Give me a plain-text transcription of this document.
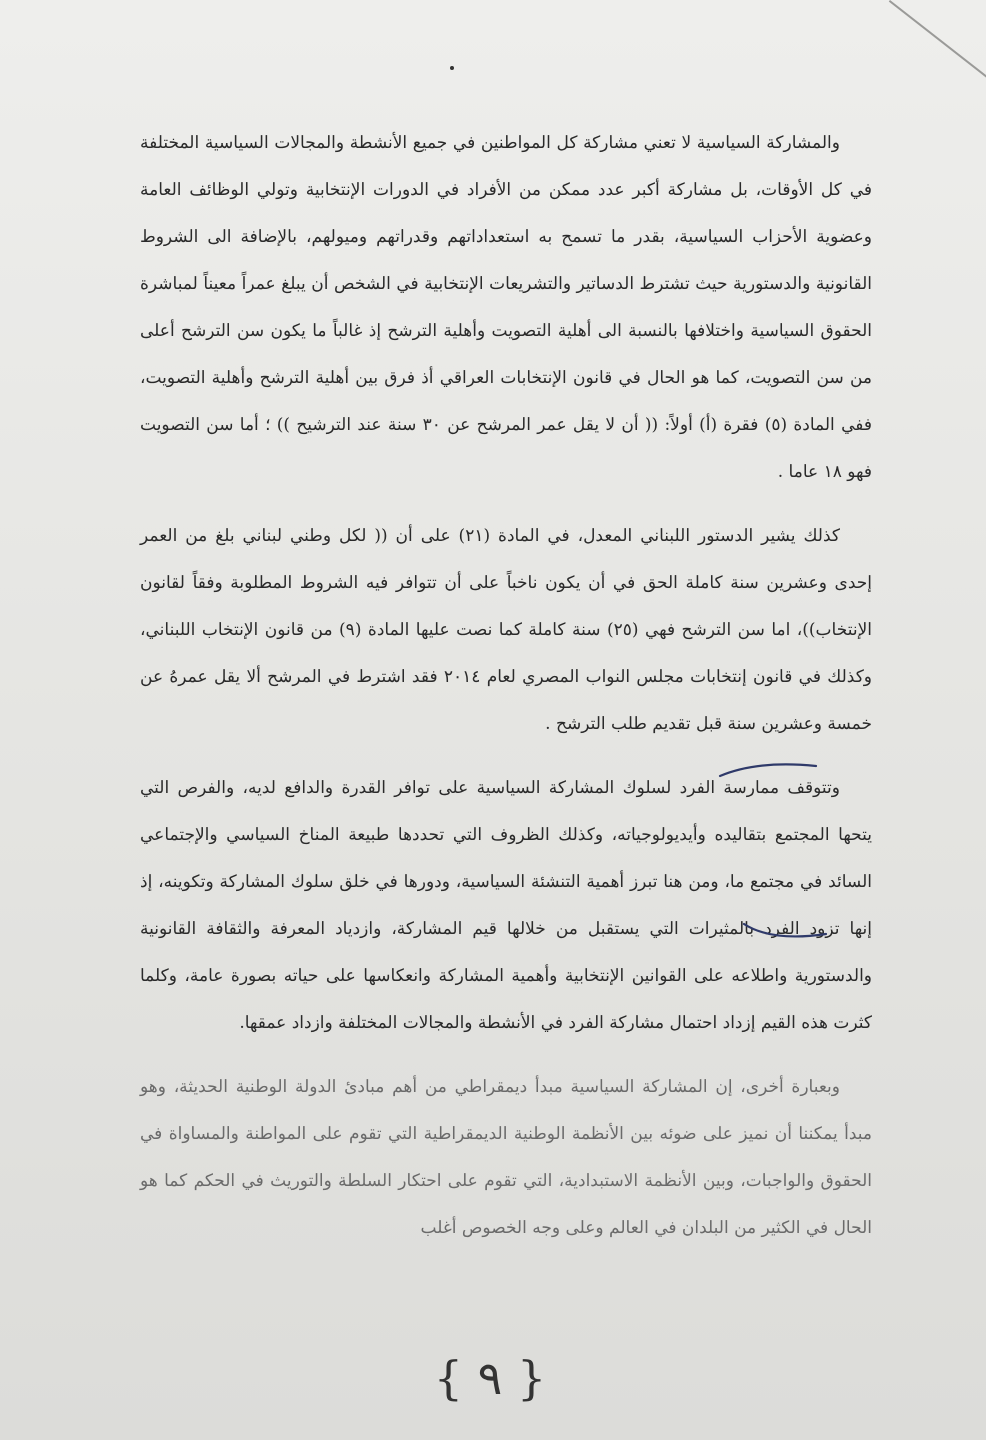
والمشاركة السياسية لا تعني مشاركة كل المواطنين في جميع الأنشطة والمجالات السياسية المختلفة في كل الأوقات، بل مشاركة أكبر عدد ممكن من الأفراد في الدورات الإنتخابية وتولي الوظائف العامة وعضوية الأحزاب السياسية، بقدر ما تسمح به استعداداتهم وقدراتهم وميولهم، بالإضافة الى الشروط القانونية والدستورية حيث تشترط الدساتير والتشريعات الإنتخابية في الشخص أن يبلغ عمراً معيناً لمباشرة الحقوق السياسية واختلافها بالنسبة الى أهلية التصويت وأهلية الترشح إذ غالباً ما يكون سن الترشح أعلى من سن التصويت، كما هو الحال في قانون الإنتخابات العراقي أذ فرق بين أهلية الترشح وأهلية التصويت، ففي المادة (٥) فقرة (أ) أولاً: (( أن لا يقل عمر المرشح عن ٣٠ سنة عند الترشيح )) ؛ أما سن التصويت فهو ١٨ عاما .

كذلك يشير الدستور اللبناني المعدل، في المادة (٢١) على أن (( لكل وطني لبناني بلغ من العمر إحدى وعشرين سنة كاملة الحق في أن يكون ناخباً على أن تتوافر فيه الشروط المطلوبة وفقاً لقانون الإنتخاب))، اما سن الترشح فهي (٢٥) سنة كاملة كما نصت عليها المادة (٩) من قانون الإنتخاب اللبناني، وكذلك في قانون إنتخابات مجلس النواب المصري لعام ٢٠١٤ فقد اشترط في المرشح ألا يقل عمرهُ عن خمسة وعشرين سنة قبل تقديم طلب الترشح .

وتتوقف ممارسة الفرد لسلوك المشاركة السياسية على توافر القدرة والدافع لديه، والفرص التي يتحها المجتمع بتقاليده وأيديولوجياته، وكذلك الظروف التي تحددها طبيعة المناخ السياسي والإجتماعي السائد في مجتمع ما، ومن هنا تبرز أهمية التنشئة السياسية، ودورها في خلق سلوك المشاركة وتكوينه، إذ إنها تزود الفرد بالمثيرات التي يستقبل من خلالها قيم المشاركة، وازدياد المعرفة والثقافة القانونية والدستورية واطلاعه على القوانين الإنتخابية وأهمية المشاركة وانعكاسها على حياته بصورة عامة، وكلما كثرت هذه القيم إزداد احتمال مشاركة الفرد في الأنشطة والمجالات المختلفة وازداد عمقها.

وبعبارة أخرى، إن المشاركة السياسية مبدأ ديمقراطي من أهم مبادئ الدولة الوطنية الحديثة، وهو مبدأ يمكننا أن نميز على ضوئه بين الأنظمة الوطنية الديمقراطية التي تقوم على المواطنة والمساواة في الحقوق والواجبات، وبين الأنظمة الاستبدادية، التي تقوم على احتكار السلطة والتوريث في الحكم كما هو الحال في الكثير من البلدان في العالم وعلى وجه الخصوص أغلب

{ ٩ }
